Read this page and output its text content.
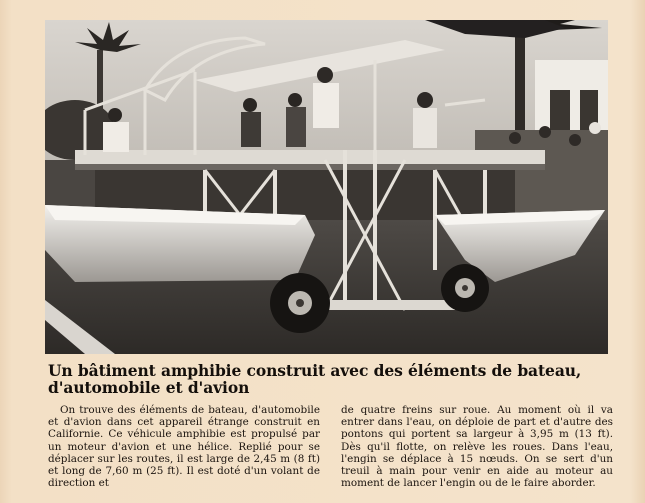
Un bâtiment amphibie construit avec des éléments de bateau, d'automobile et d'avion

On trouve des éléments de bateau, d'automobile et d'avion dans cet appareil étrange construit en Californie. Ce véhicule amphibie est propulsé par un moteur d'avion et une hélice. Replié pour se déplacer sur les routes, il est large de 2,45 m (8 ft) et long de 7,60 m (25 ft). Il est doté d'un volant de direction et

de quatre freins sur roue. Au moment où il va entrer dans l'eau, on déploie de part et d'autre des pontons qui portent sa largeur à 3,95 m (13 ft). Dès qu'il flotte, on relève les roues. Dans l'eau, l'engin se déplace à 15 nœuds. On se sert d'un treuil à main pour venir en aide au moteur au moment de lancer l'engin ou de le faire aborder.
